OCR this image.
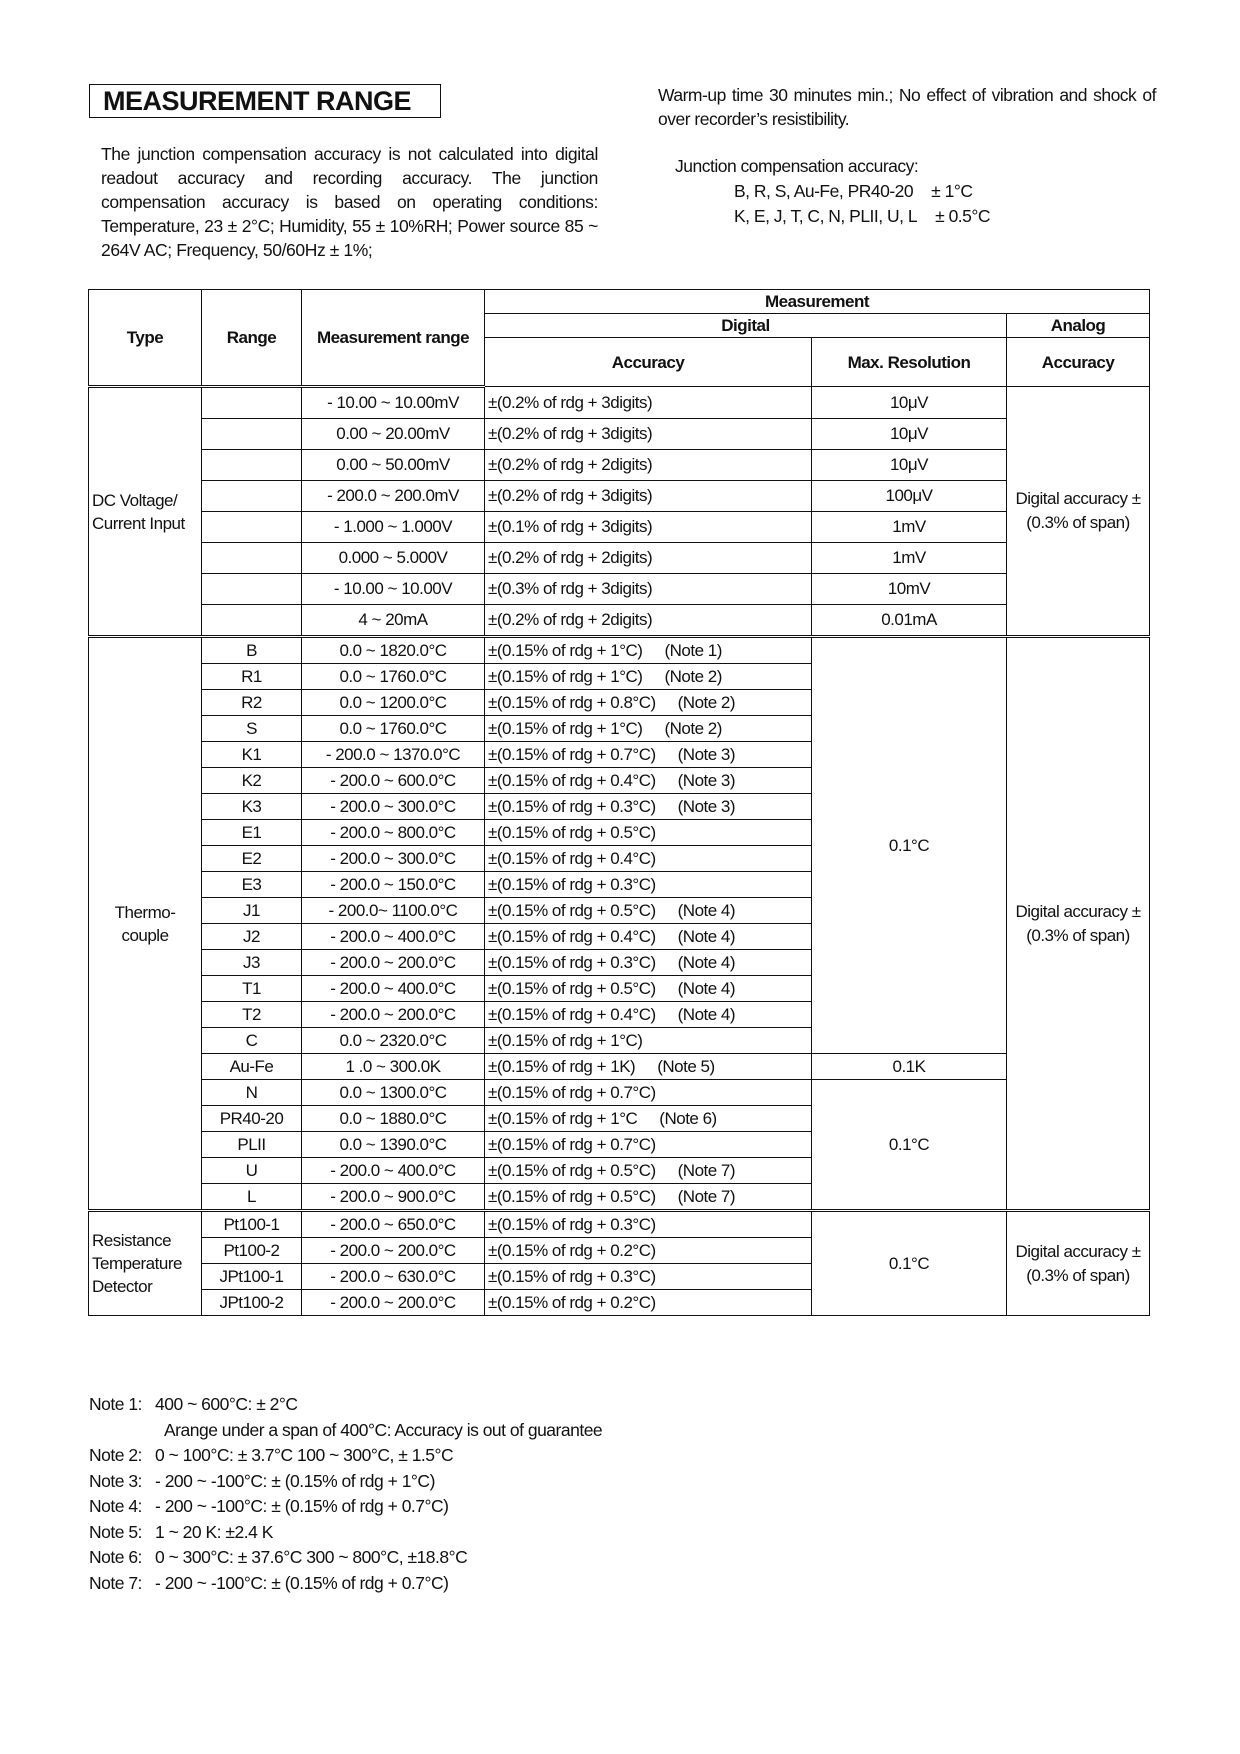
MEASUREMENT RANGE
The junction compensation accuracy is not calculated into digital readout accuracy and recording accuracy. The junction compensation accuracy is based on operating conditions: Temperature, 23 ± 2°C; Humidity, 55 ± 10%RH; Power source 85 ~ 264V AC; Frequency, 50/60Hz ± 1%;
Warm-up time 30 minutes min.; No effect of vibration and shock of over recorder’s resistibility.
Junction compensation accuracy:
B, R, S, Au-Fe, PR40-20 ± 1°C
K, E, J, T, C, N, PLII, U, L ± 0.5°C
Type	Range	Measurement range	Measurement		
			Digital		Analog
			Accuracy	Max. Resolution	Accuracy
DC Voltage/ Current Input		- 10.00 ~ 10.00mV	±(0.2% of rdg + 3digits)	10μV	Digital accuracy ±(0.3% of span)
		0.00 ~ 20.00mV	±(0.2% of rdg + 3digits)	10μV	
		0.00 ~ 50.00mV	±(0.2% of rdg + 2digits)	10μV	
		- 200.0 ~ 200.0mV	±(0.2% of rdg + 3digits)	100μV	
		- 1.000 ~ 1.000V	±(0.1% of rdg + 3digits)	1mV	
		0.000 ~ 5.000V	±(0.2% of rdg + 2digits)	1mV	
		- 10.00 ~ 10.00V	±(0.3% of rdg + 3digits)	10mV	
		4 ~ 20mA	±(0.2% of rdg + 2digits)	0.01mA	
Thermo- couple	B	0.0 ~ 1820.0°C	±(0.15% of rdg + 1°C) (Note 1)	0.1°C	Digital accuracy ±(0.3% of span)
	R1	0.0 ~ 1760.0°C	±(0.15% of rdg + 1°C) (Note 2)		

	R2	0.0 ~ 1200.0°C	±(0.15% of rdg + 0.8°C) (Note 2)		

	S	0.0 ~ 1760.0°C	±(0.15% of rdg + 1°C) (Note 2)		

	K1	- 200.0 ~ 1370.0°C	±(0.15% of rdg + 0.7°C) (Note 3)		

	K2	- 200.0 ~ 600.0°C	±(0.15% of rdg + 0.4°C) (Note 3)		

	K3	- 200.0 ~ 300.0°C	±(0.15% of rdg + 0.3°C) (Note 3)		

	E1	- 200.0 ~ 800.0°C	±(0.15% of rdg + 0.5°C)		

	E2	- 200.0 ~ 300.0°C	±(0.15% of rdg + 0.4°C)		

	E3	- 200.0 ~ 150.0°C	±(0.15% of rdg + 0.3°C)		

	J1	- 200.0~ 1100.0°C	±(0.15% of rdg + 0.5°C) (Note 4)		

	J2	- 200.0 ~ 400.0°C	±(0.15% of rdg + 0.4°C) (Note 4)		

	J3	- 200.0 ~ 200.0°C	±(0.15% of rdg + 0.3°C) (Note 4)		

	T1	- 200.0 ~ 400.0°C	±(0.15% of rdg + 0.5°C) (Note 4)		

	T2	- 200.0 ~ 200.0°C	±(0.15% of rdg + 0.4°C) (Note 4)		

	C	0.0 ~ 2320.0°C	±(0.15% of rdg + 1°C)		

	Au-Fe	1 .0 ~ 300.0K	±(0.15% of rdg + 1K) (Note 5)	0.1K	
	N	0.0 ~ 1300.0°C	±(0.15% of rdg + 0.7°C)	0.1°C	
	PR40-20	0.0 ~ 1880.0°C	±(0.15% of rdg + 1°C (Note 6)		

	PLII	0.0 ~ 1390.0°C	±(0.15% of rdg + 0.7°C)		

	U	- 200.0 ~ 400.0°C	±(0.15% of rdg + 0.5°C) (Note 7)		

	L	- 200.0 ~ 900.0°C	±(0.15% of rdg + 0.5°C) (Note 7)		

Resistance Temperature Detector	Pt100-1	- 200.0 ~ 650.0°C	±(0.15% of rdg + 0.3°C)	0.1°C	Digital accuracy ±(0.3% of span)
	Pt100-2	- 200.0 ~ 200.0°C	±(0.15% of rdg + 0.2°C)		
	JPt100-1	- 200.0 ~ 630.0°C	±(0.15% of rdg + 0.3°C)		
	JPt100-2	- 200.0 ~ 200.0°C	±(0.15% of rdg + 0.2°C)		
Note 1:   400 ~ 600°C: ± 2°C
Arange under a span of 400°C: Accuracy is out of guarantee
Note 2:   0 ~ 100°C: ± 3.7°C 100 ~ 300°C, ± 1.5°C
Note 3:   - 200 ~ -100°C: ± (0.15% of rdg + 1°C)
Note 4:   - 200 ~ -100°C: ± (0.15% of rdg + 0.7°C)
Note 5:   1 ~ 20 K: ±2.4 K
Note 6:   0 ~ 300°C: ± 37.6°C 300 ~ 800°C, ±18.8°C
Note 7:   - 200 ~ -100°C: ± (0.15% of rdg + 0.7°C)
